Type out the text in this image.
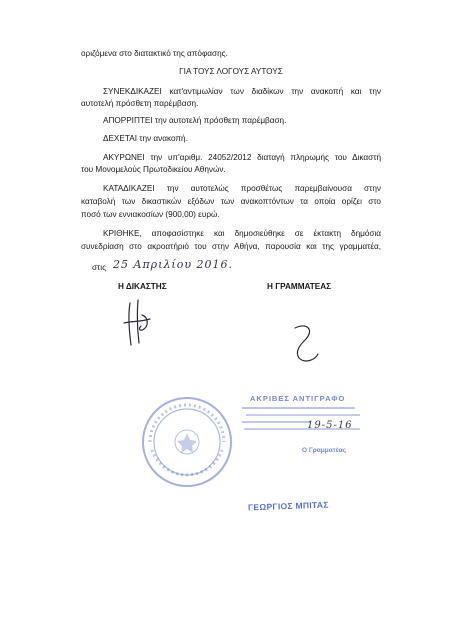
οριζόμενα στο διατακτικό της απόφασης.
ΓΙΑ ΤΟΥΣ ΛΟΓΟΥΣ ΑΥΤΟΥΣ
ΣΥΝΕΚΔΙΚΑΖΕΙ κατ'αντιμωλίαν των διαδίκων την ανακοπή και την
αυτοτελή πρόσθετη παρέμβαση.
ΑΠΟΡΡΙΠΤΕΙ την αυτοτελή πρόσθετη παρέμβαση.
ΔΕΧΕΤΑΙ την ανακοπή.
ΑΚΥΡΩΝΕΙ την υπ'αριθμ. 24052/2012 διαταγή πληρωμής του Δικαστή
του Μονομελούς Πρωτοδικείου Αθηνών.
ΚΑΤΑΔΙΚΑΖΕΙ την αυτοτελώς προσθέτως παρεμβαίνουσα στην
καταβολή των δικαστικών εξόδων των ανακοπτόντων τα οποία ορίζει στο
ποσό των εννιακοσίων (900,00) ευρώ.
ΚΡΙΘΗΚΕ, αποφασίστηκε και δημοσιεύθηκε σε έκτακτη δημόσια
συνεδρίαση στο ακροατήριό του στην Αθήνα, παρουσία και της γραμματέα,
στις 25 Απριλίου 2016.
Η ΔΙΚΑΣΤΗΣ	Η ΓΡΑΜΜΑΤΕΑΣ
ΑΚΡΙΒΕΣ ΑΝΤΙΓΡΑΦΟ
19-5-16
Ο Γραμματέας
ΓΕΩΡΓΙΟΣ ΜΠΙΤΑΣ
